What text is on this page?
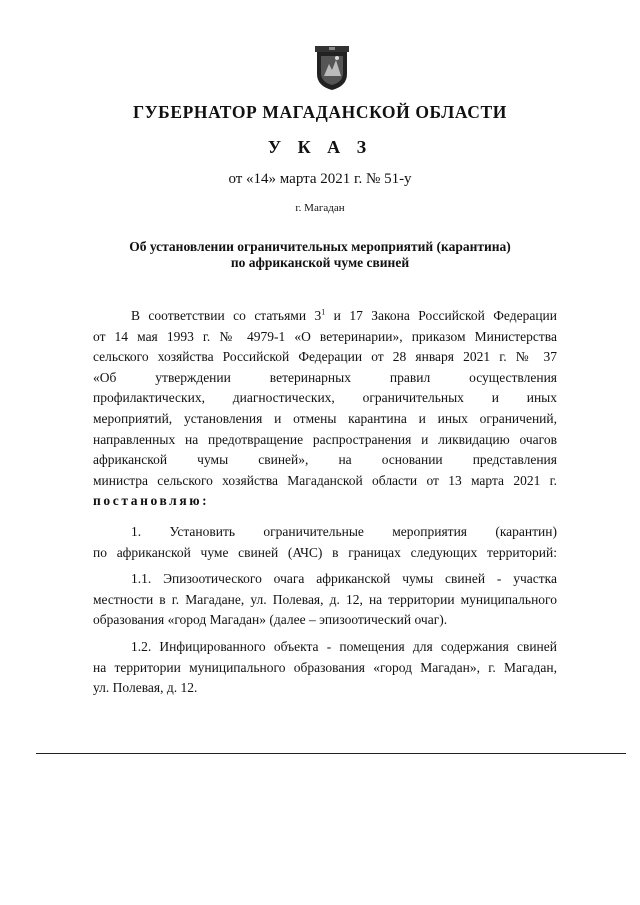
ГУБЕРНАТОР МАГАДАНСКОЙ ОБЛАСТИ
У К А З
от «14» марта 2021 г. № 51-у
г. Магадан
Об установлении ограничительных мероприятий (карантина)
по африканской чуме свиней

В соответствии со статьями $3^1$ и 17 Закона Российской Федерации

от 14 мая 1993 г. № 4979-1 «О ветеринарии», приказом Министерства

сельского хозяйства Российской Федерации от 28 января 2021 г. № 37

«Об утверждении ветеринарных правил осуществления

профилактических, диагностических, ограничительных и иных

мероприятий, установления и отмены карантина и иных ограничений,

направленных на предотвращение распространения и ликвидацию очагов

африканской чумы свиней», на основании представления

министра сельского хозяйства Магаданской области от 13 марта 2021 г.

постановляю:

1. Установить ограничительные мероприятия (карантин)

по африканской чуме свиней (АЧС) в границах следующих территорий:

1.1. Эпизоотического очага африканской чумы свиней - участка

местности в г. Магадане, ул. Полевая, д. 12, на территории муниципального

образования «город Магадан» (далее – эпизоотический очаг).

1.2. Инфицированного объекта - помещения для содержания свиней

на территории муниципального образования «город Магадан», г. Магадан,

ул. Полевая, д. 12.
